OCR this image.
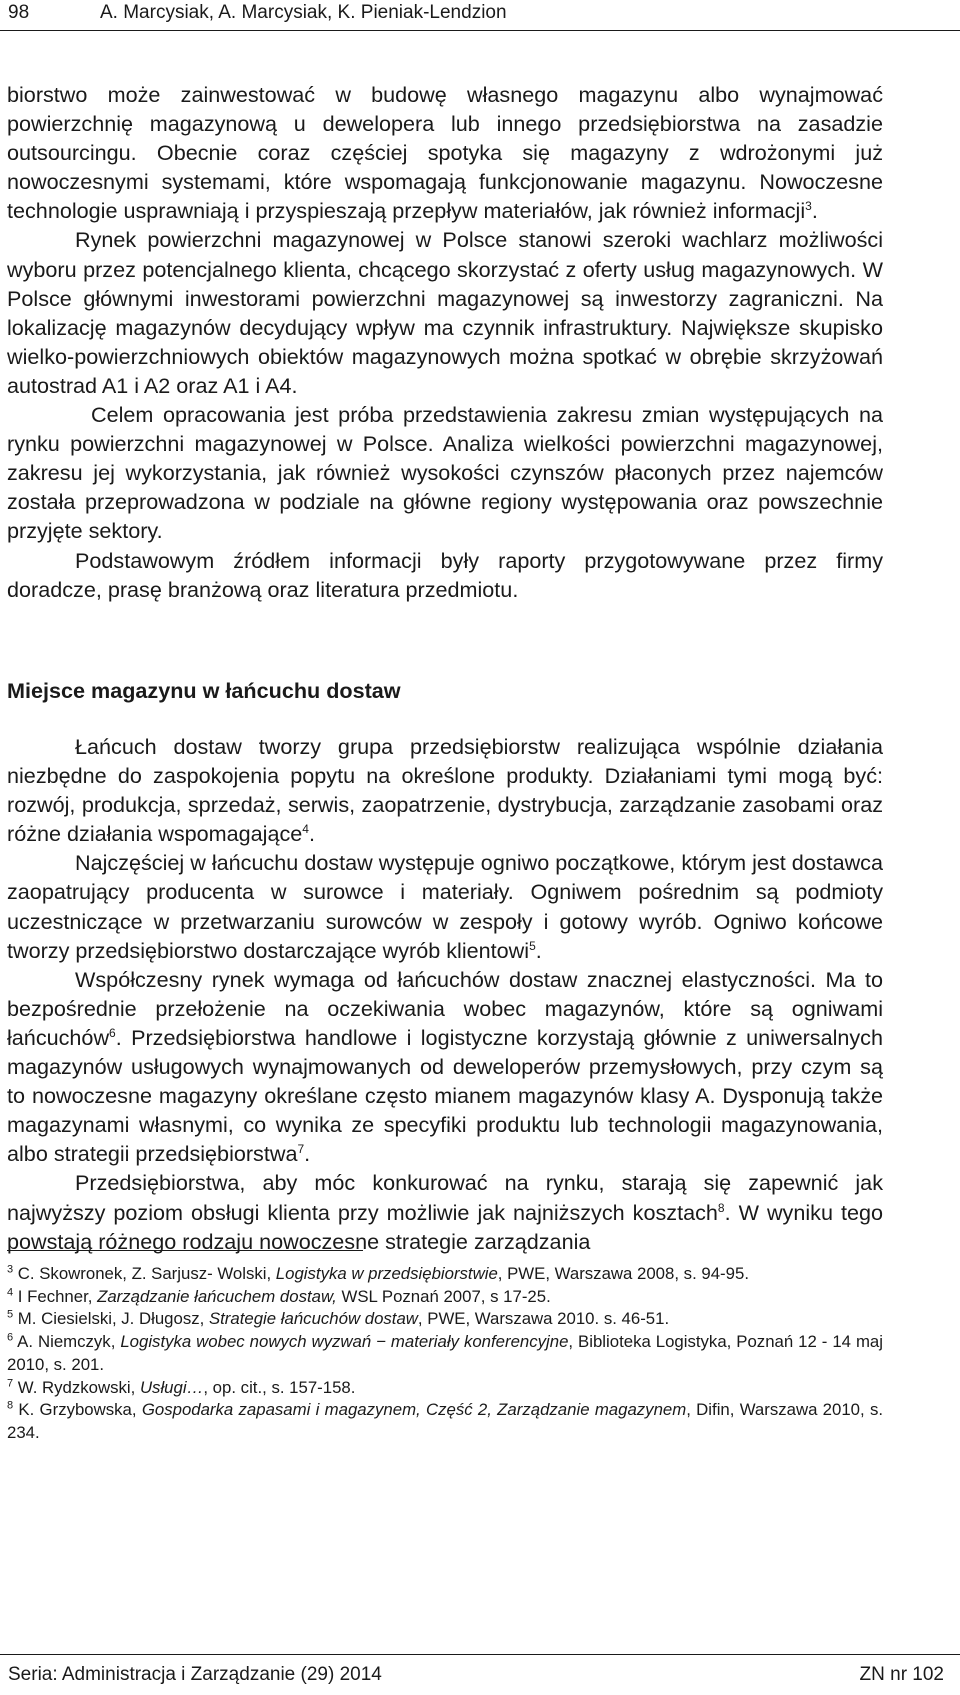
98	A. Marcysiak, A. Marcysiak, K. Pieniak-Lendzion

biorstwo może zainwestować w budowę własnego magazynu albo wynajmować powierzchnię magazynową u dewelopera lub innego przedsiębiorstwa na zasadzie outsourcingu. Obecnie coraz częściej spotyka się magazyny z wdrożonymi już nowoczesnymi systemami, które wspomagają funkcjonowanie magazynu. Nowoczesne technologie usprawniają i przyspieszają przepływ materiałów, jak również informacji$^3$.

Rynek powierzchni magazynowej w Polsce stanowi szeroki wachlarz możliwości wyboru przez potencjalnego klienta, chcącego skorzystać z oferty usług magazynowych. W Polsce głównymi inwestorami powierzchni magazynowej są inwestorzy zagraniczni. Na lokalizację magazynów decydujący wpływ ma czynnik infrastruktury. Największe skupisko wielko-powierzchniowych obiektów magazynowych można spotkać w obrębie skrzyżowań autostrad A1 i A2 oraz A1 i A4.

Celem opracowania jest próba przedstawienia zakresu zmian występujących na rynku powierzchni magazynowej w Polsce. Analiza wielkości powierzchni magazynowej, zakresu jej wykorzystania, jak również wysokości czynszów płaconych przez najemców została przeprowadzona w podziale na główne regiony występowania oraz powszechnie przyjęte sektory.

Podstawowym źródłem informacji były raporty przygotowywane przez firmy doradcze, prasę branżową oraz literatura przedmiotu.

Miejsce magazynu w łańcuchu dostaw

Łańcuch dostaw tworzy grupa przedsiębiorstw realizująca wspólnie działania niezbędne do zaspokojenia popytu na określone produkty. Działaniami tymi mogą być: rozwój, produkcja, sprzedaż, serwis, zaopatrzenie, dystrybucja, zarządzanie zasobami oraz różne działania wspomagające$^4$.

Najczęściej w łańcuchu dostaw występuje ogniwo początkowe, którym jest dostawca zaopatrujący producenta w surowce i materiały. Ogniwem pośrednim są podmioty uczestniczące w przetwarzaniu surowców w zespoły i gotowy wyrób. Ogniwo końcowe tworzy przedsiębiorstwo dostarczające wyrób klientowi$^5$.

Współczesny rynek wymaga od łańcuchów dostaw znacznej elastyczności. Ma to bezpośrednie przełożenie na oczekiwania wobec magazynów, które są ogniwami łańcuchów$^6$. Przedsiębiorstwa handlowe i logistyczne korzystają głównie z uniwersalnych magazynów usługowych wynajmowanych od deweloperów przemysłowych, przy czym są to nowoczesne magazyny określane często mianem magazynów klasy A. Dysponują także magazynami własnymi, co wynika ze specyfiki produktu lub technologii magazynowania, albo strategii przedsiębiorstwa$^7$.

Przedsiębiorstwa, aby móc konkurować na rynku, starają się zapewnić jak najwyższy poziom obsługi klienta przy możliwie jak najniższych kosztach$^8$. W wyniku tego powstają różnego rodzaju nowoczesne strategie zarządzania

$^3$ C. Skowronek, Z. Sarjusz- Wolski, Logistyka w przedsiębiorstwie, PWE, Warszawa 2008, s. 94-95.

$^4$ I Fechner, Zarządzanie łańcuchem dostaw, WSL Poznań 2007, s 17-25.

$^5$ M. Ciesielski, J. Długosz, Strategie łańcuchów dostaw, PWE, Warszawa 2010. s. 46-51.

$^6$ A. Niemczyk, Logistyka wobec nowych wyzwań − materiały konferencyjne, Biblioteka Logistyka, Poznań 12 - 14 maj 2010, s. 201.

$^7$ W. Rydzkowski, Usługi…, op. cit., s. 157-158.

$^8$ K. Grzybowska, Gospodarka zapasami i magazynem, Część 2, Zarządzanie magazynem, Difin, Warszawa 2010, s. 234.

Seria: Administracja i Zarządzanie (29) 2014	ZN nr 102
